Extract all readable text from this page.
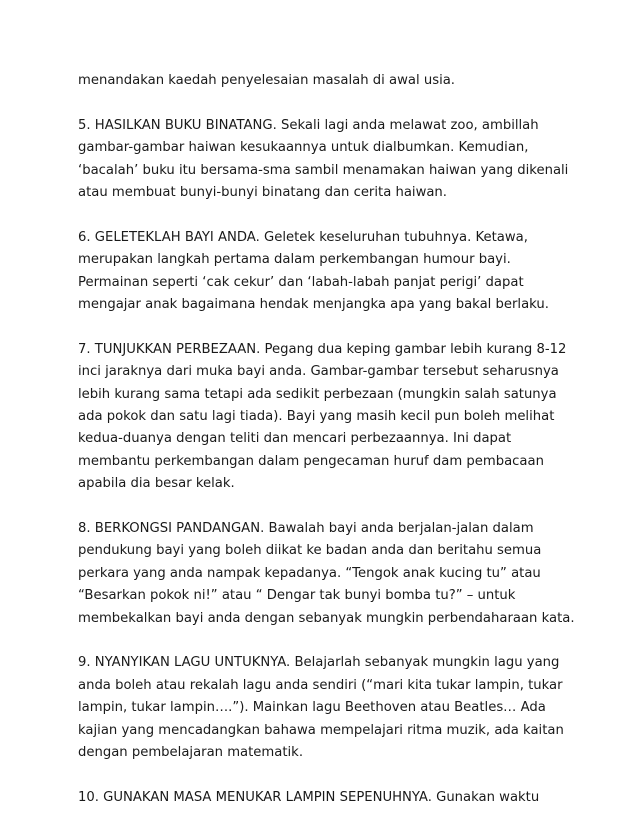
menandakan kaedah penyelesaian masalah di awal usia.

5. HASILKAN BUKU BINATANG. Sekali lagi anda melawat zoo, ambillah
gambar-gambar haiwan kesukaannya untuk dialbumkan. Kemudian,
‘bacalah’ buku itu bersama-sma sambil menamakan haiwan yang dikenali
atau membuat bunyi-bunyi binatang dan cerita haiwan.

6. GELETEKLAH BAYI ANDA. Geletek keseluruhan tubuhnya. Ketawa,
merupakan langkah pertama dalam perkembangan humour bayi.
Permainan seperti ‘cak cekur’ dan ‘labah-labah panjat perigi’ dapat
mengajar anak bagaimana hendak menjangka apa yang bakal berlaku.

7. TUNJUKKAN PERBEZAAN. Pegang dua keping gambar lebih kurang 8-12
inci jaraknya dari muka bayi anda. Gambar-gambar tersebut seharusnya
lebih kurang sama tetapi ada sedikit perbezaan (mungkin salah satunya
ada pokok dan satu lagi tiada). Bayi yang masih kecil pun boleh melihat
kedua-duanya dengan teliti dan mencari perbezaannya. Ini dapat
membantu perkembangan dalam pengecaman huruf dam pembacaan
apabila dia besar kelak.

8. BERKONGSI PANDANGAN. Bawalah bayi anda berjalan-jalan dalam
pendukung bayi yang boleh diikat ke badan anda dan beritahu semua
perkara yang anda nampak kepadanya. “Tengok anak kucing tu” atau
“Besarkan pokok ni!” atau “ Dengar tak bunyi bomba tu?” – untuk
membekalkan bayi anda dengan sebanyak mungkin perbendaharaan kata.

9. NYANYIKAN LAGU UNTUKNYA. Belajarlah sebanyak mungkin lagu yang
anda boleh atau rekalah lagu anda sendiri (“mari kita tukar lampin, tukar
lampin, tukar lampin….”). Mainkan lagu Beethoven atau Beatles… Ada
kajian yang mencadangkan bahawa mempelajari ritma muzik, ada kaitan
dengan pembelajaran matematik.

10. GUNAKAN MASA MENUKAR LAMPIN SEPENUHNYA. Gunakan waktu
